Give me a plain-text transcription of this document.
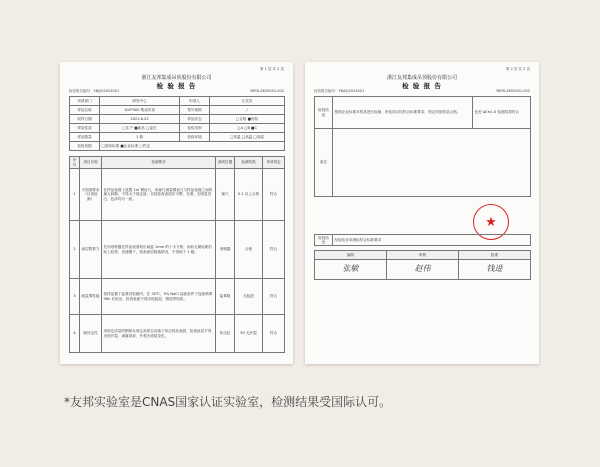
第 1 页 共 2 页
浙江友邦集成吊顶股份有限公司
检 验 报 告
检验报告编号：YB/JS/2024001	YBFB-ZK05001-002
申请部门	研发中心	申请人	江武杰
样品名称	100*300 集成吊顶	型号规格	/
收样日期	2021.6.22	样品状态	□合格 ■待检
样品性质	□生产 ■新品 □委托	检验类别	□A □B ■C
样品数量	1 箱	检验环境	□常温 □高温 □高湿
检验依据	□国家标准 ■企业标准 □约定		
序号	项目名称	检测要求	测试仪器	检测结果	单项判定
1	平面度要求（目视检测）	在样品表面上放置 1m 钢直尺，用塞尺测量钢直尺与样品表面之间的最大间隙，不得大于规定值；目视检查表面应平整、光滑，无明显凹凸，色泽均匀一致。	塞尺	0.1 以上合格	符合
2	涂层附着力	先用划格器在样品表面划出间距 1mm 的十字方格，用软毛刷轻刷后贴上胶带，迅速撕下，检查涂层脱落情况，不得低于 1 级。	划格器	合格	符合
3	耐盐雾性能	将样品置于盐雾试验箱内，在 35℃、5% NaCl 溶液条件下连续喷雾 96h 后取出，检查表面不得出现起泡、锈蚀等现象。	盐雾箱	无起泡	符合
4	耐冲击性	用规定质量的钢球从规定高度自由落下冲击样品表面，检查涂层不得出现开裂、剥落现象，外观无明显变化。	冲击仪	50 无开裂	符合
第 2 页 共 2 页
浙江友邦集成吊顶股份有限公司
检 验 报 告
检验报告编号：YB/JS/2024001	YBFB-ZK05001-002
检验结论	按照企业标准对样品进行检测，所检项目均符合标准要求，判定该批样品合格。	色差 ΔE≤1.0 检测结果符合
备注		
★
检验结论	经检验各项指标符合标准要求
编制	审核	批准
张敏	赵伟	钱进
*友邦实验室是CNAS国家认证实验室，检测结果受国际认可。
